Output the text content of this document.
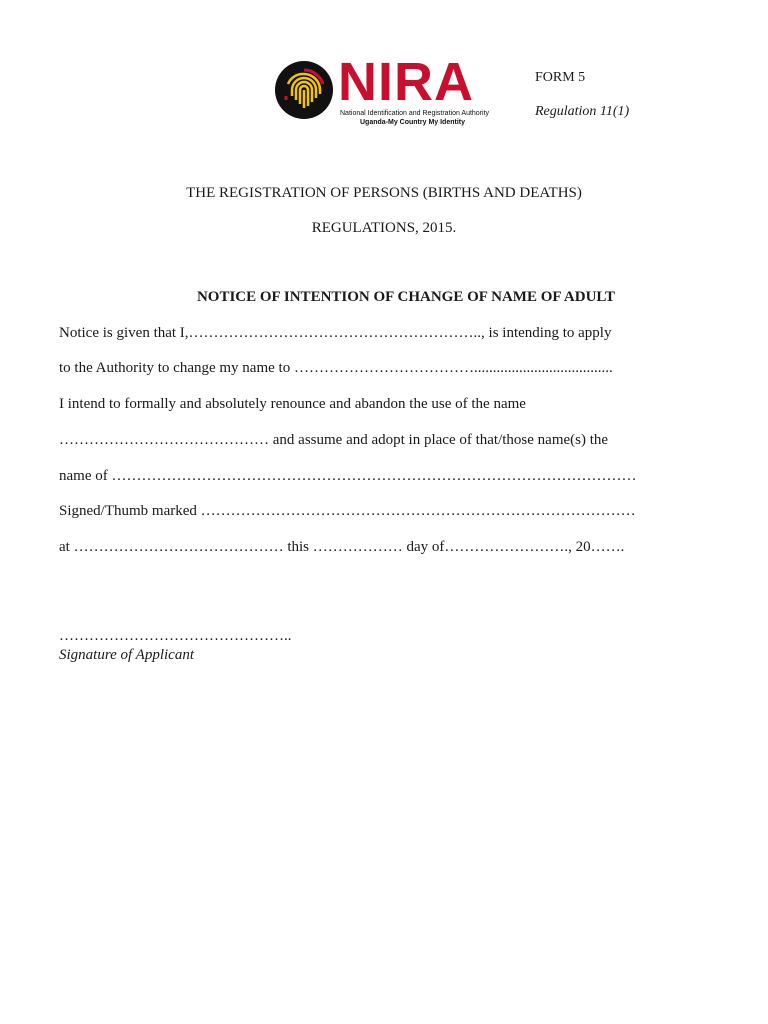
NIRA
National Identification and Registration Authority
Uganda-My Country My Identity
FORM 5
Regulation 11(1)
THE REGISTRATION OF PERSONS (BIRTHS AND DEATHS)
REGULATIONS, 2015.
NOTICE OF INTENTION OF CHANGE OF NAME OF ADULT
Notice is given that I,………………………………………………….., is intending to apply
to the Authority to change my name to ……………………………….....................................
I intend to formally and absolutely renounce and abandon the use of the name
…………………………………… and assume and adopt in place of that/those name(s) the
name of ……………………………………………………………………………………………
Signed/Thumb marked ……………………………………………………………………………
at …………………………………… this ……………… day of……………………., 20…….
………………………………………..
Signature of Applicant
